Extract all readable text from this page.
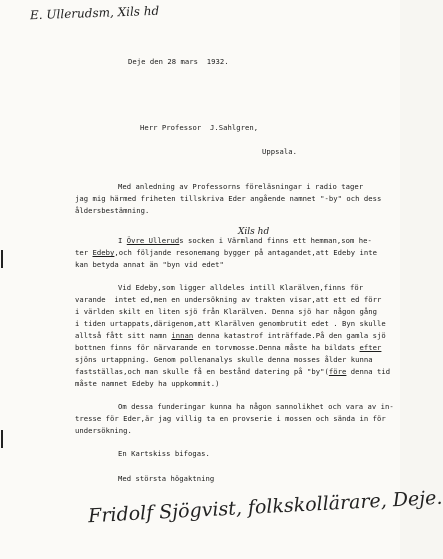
E. Ullerudsm, Xils hd
Deje den 28 mars  1932.
Herr Professor  J.Sahlgren,
Uppsala.
Xils hd
Med anledning av Professorns föreläsningar i radio tager
jag mig härmed friheten tillskriva Eder angående namnet "-by" och dess
åldersbestämning.
I Övre Ulleruds socken i Värmland finns ett hemman,som he-
ter Edeby,och följande resonemang bygger på antagandet,att Edeby inte
kan betyda annat än "byn vid edet"
Vid Edeby,som ligger alldeles intill Klarälven,finns för
varande  intet ed,men en undersökning av trakten visar,att ett ed förr
i världen skilt en liten sjö från Klarälven. Denna sjö har någon gång
i tiden urtappats,därigenom,att Klarälven genombrutit edet . Byn skulle
alltså fått sitt namn innan denna katastrof inträffade.På den gamla sjö
bottnen finns för närvarande en torvmosse.Denna måste ha bildats efter
sjöns urtappning. Genom pollenanalys skulle denna mosses ålder kunna
fastställas,och man skulle få en bestånd datering på "by"(före denna tid
måste namnet Edeby ha uppkommit.)
Om dessa funderingar kunna ha någon sannolikhet och vara av in-
tresse för Eder,är jag villig ta en provserie i mossen och sända in för
undersökning.
En Kartskiss bifogas.
Med största högaktning
Fridolf Sjögvist, folkskollärare, Deje.
